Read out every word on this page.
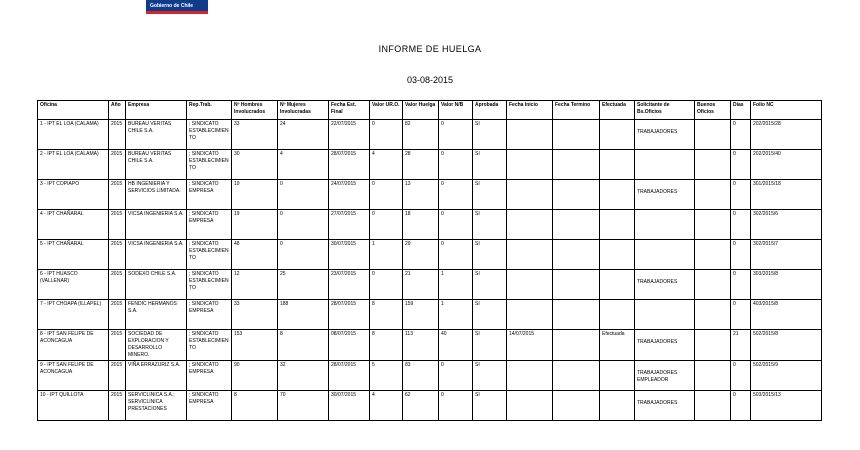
Gobierno de Chile
INFORME DE HUELGA
03-08-2015
Oficina	Año	Empresa	Rep.Trab.	Nº Hombres Involucrados	Nº Mujeres Involucradas	Fecha Est. Final	Valor UR.O.	Valor Huelga	Valor N/B	Aprobada	Fecha Inicio	Fecha Termino	Efectuada	Solicitante de Bs.Oficios	Buenos Oficios	Días	Folio NC
1 - IPT EL LOA (CALAMA)	2015	BUREAU VERITAS CHILE S.A.	; SINDICATO ESTABLECIMIENTO	33	24	22/07/2015	0	82	0	SI				TRABAJADORES		0	202/2015/28
2 - IPT EL LOA (CALAMA)	2015	BUREAU VERITAS CHILE S.A.	; SINDICATO ESTABLECIMIENTO	30	4	28/07/2015	4	28	0	SI						0	202/2015/40
3 - IPT COPIAPO	2015	HB INGENIERIA Y SERVICIOS LIMITADA.	; SINDICATO EMPRESA	19	0	24/07/2015	0	13	0	SI				TRABAJADORES		0	301/2015/18
4 - IPT CHAÑARAL	2015	VICSA INGENIERIA S.A.	; SINDICATO EMPRESA	19	0	27/07/2015	0	18	0	SI						0	302/2015/6
5 - IPT CHAÑARAL	2015	VICSA INGENIERIA S.A.	; SINDICATO ESTABLECIMIENTO	48	0	30/07/2015	1	29	0	SI						0	302/2015/7
6 - IPT HUASCO (VALLENAR)	2015	SODEXO CHILE S.A.	; SINDICATO ESTABLECIMIENTO	12	25	23/07/2015	0	21	1	SI				TRABAJADORES		0	303/2015/8
7 - IPT CHOAPA (ILLAPEL)	2015	FENDIC HERMANOS S.A.	; SINDICATO EMPRESA	33	188	28/07/2015	8	159	1	SI						0	403/2015/8
8 - IPT SAN FELIPE DE ACONCAGUA	2015	SOCIEDAD DE EXPLORACION Y DESARROLLO MINERO.	; SINDICATO ESTABLECIMIENTO	153	8	08/07/2015	8	113	40	SI	14/07/2015		Efectuada	TRABAJADORES		21	502/2015/8
9 - IPT SAN FELIPE DE ACONCAGUA	2015	VIÑA ERRAZURIZ S.A.	; SINDICATO EMPRESA	90	32	28/07/2015	5	83	0	SI				TRABAJADORES EMPLEADOR		0	502/2015/9
10 - IPT QUILLOTA	2015	SERVICLINICA S.A.; SERVICLINICA PRESTACIONES	; SINDICATO EMPRESA	8	70	30/07/2015	4	62	0	SI				TRABAJADORES		0	503/2015/13
